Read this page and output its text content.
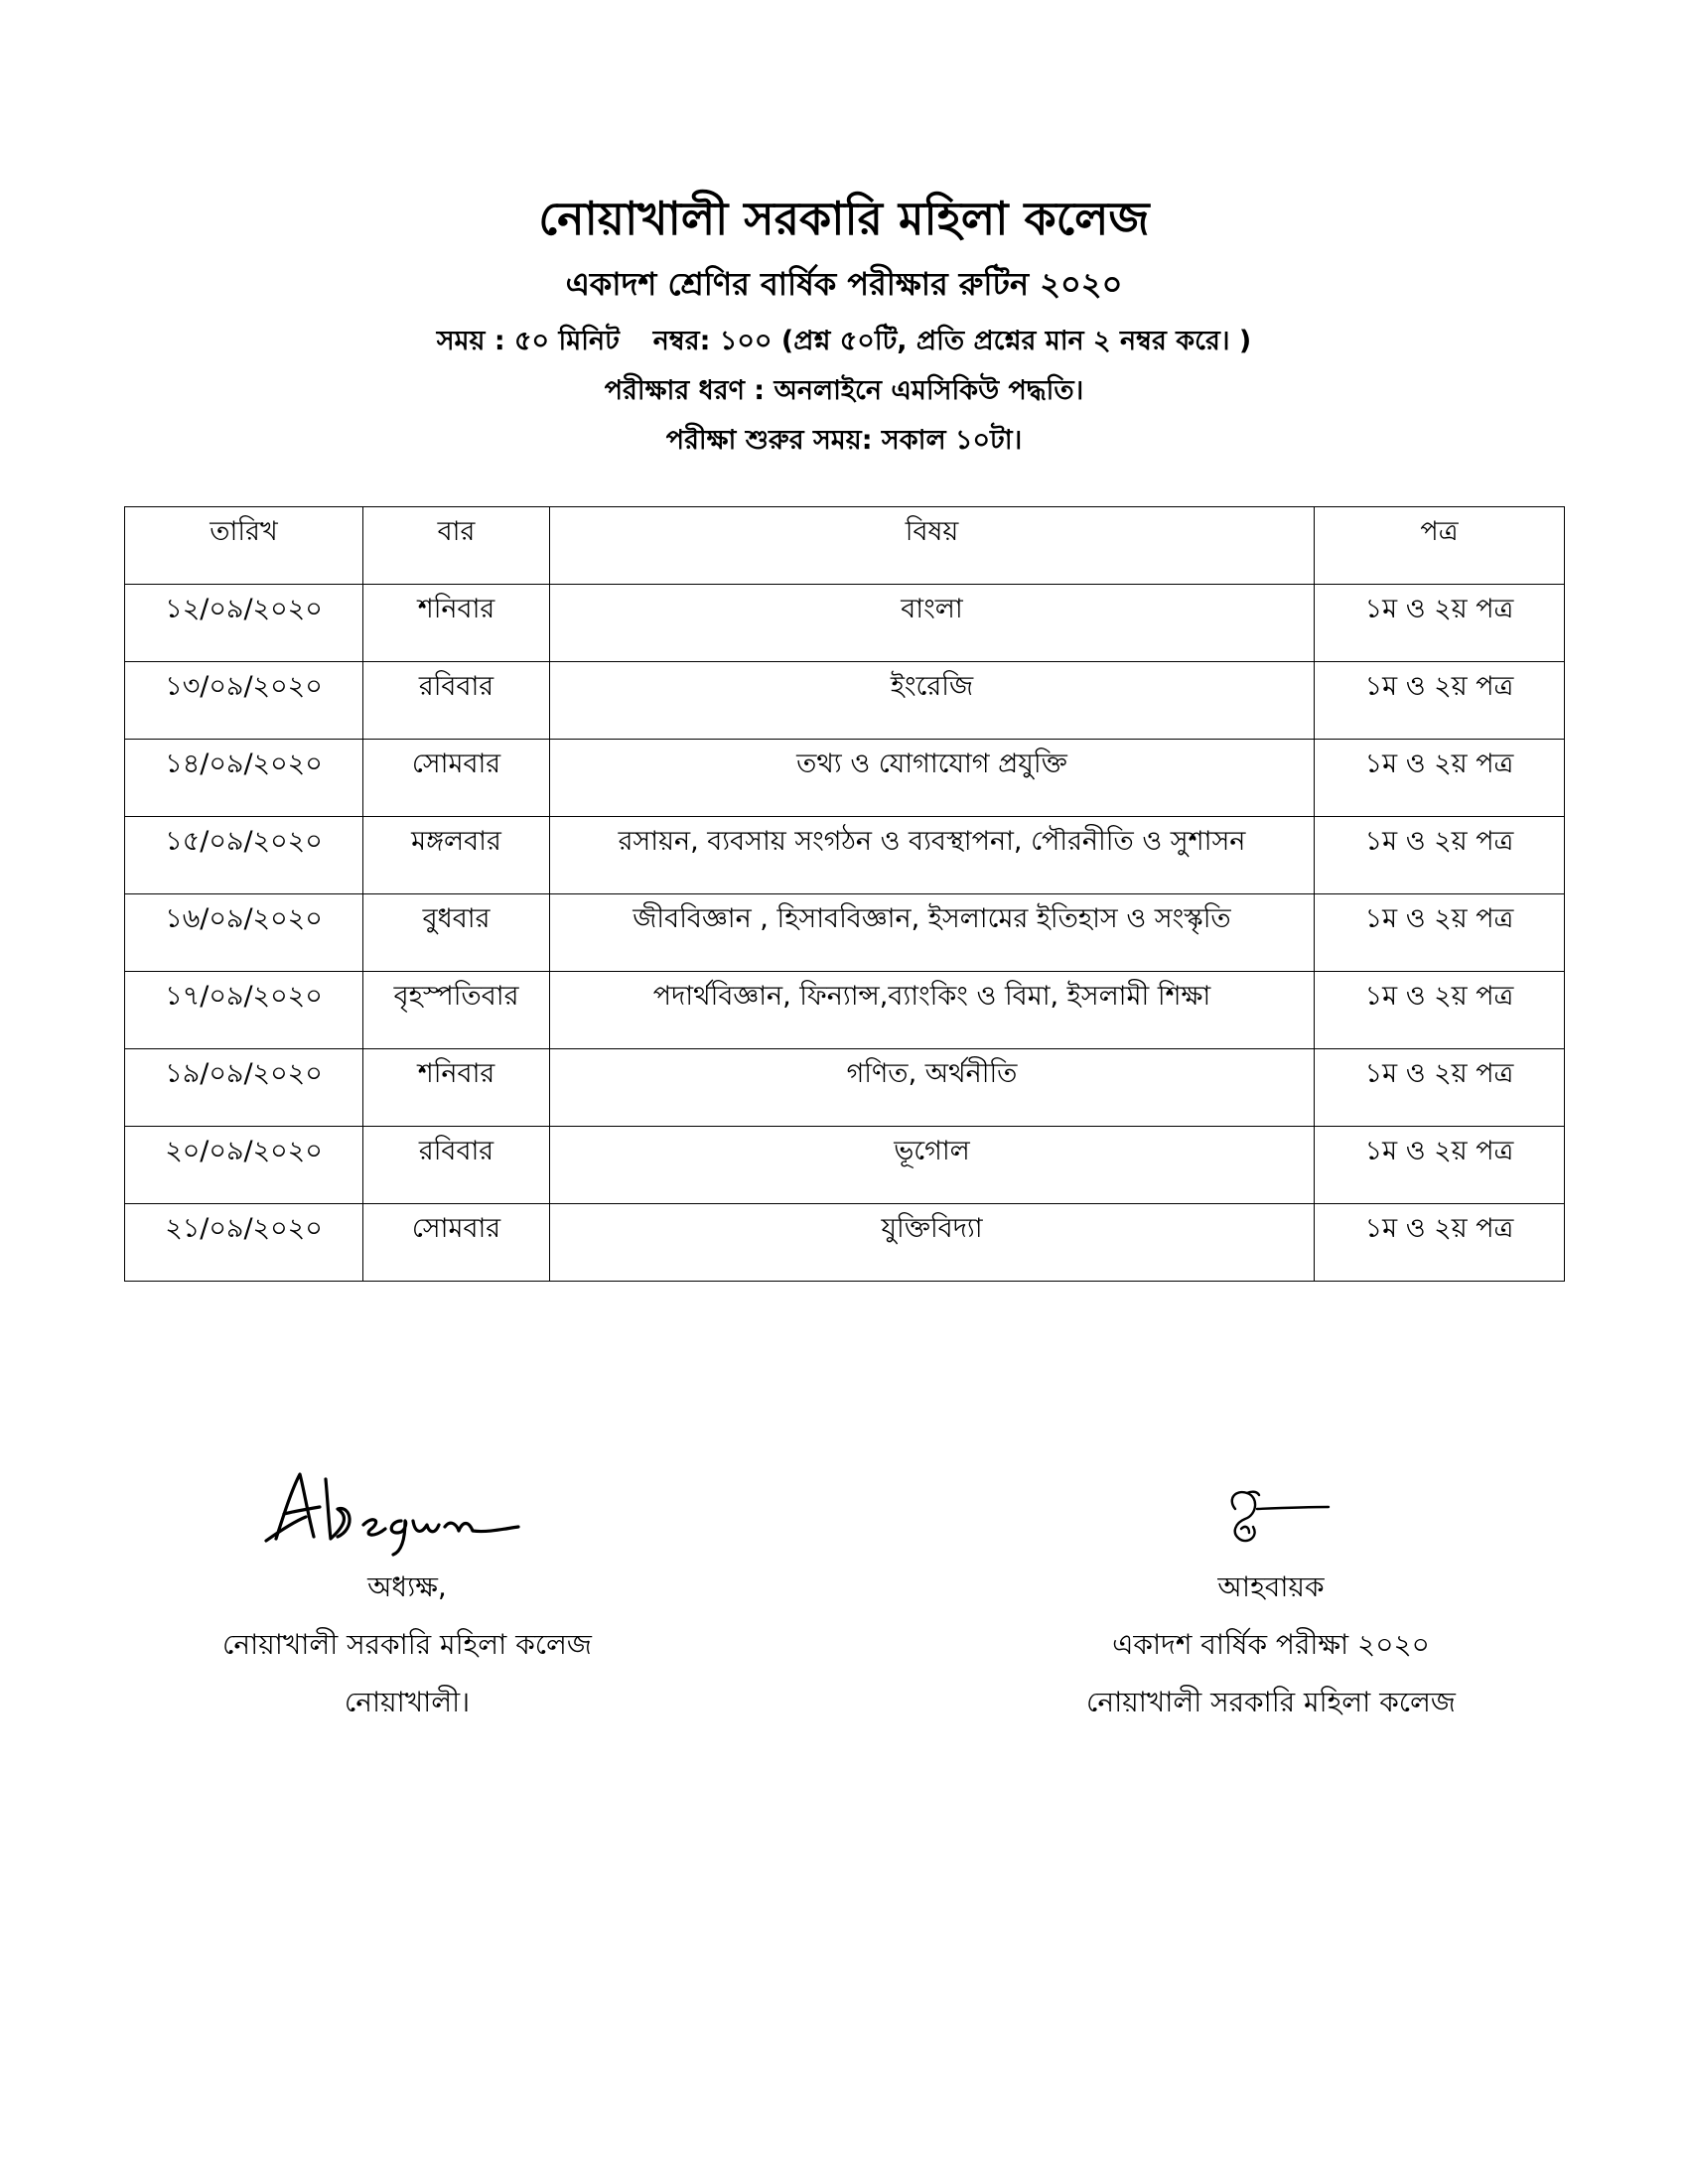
নোয়াখালী সরকারি মহিলা কলেজ
একাদশ শ্রেণির বার্ষিক পরীক্ষার রুটিন ২০২০
সময় : ৫০ মিনিট নম্বর: ১০০ (প্রশ্ন ৫০টি, প্রতি প্রশ্নের মান ২ নম্বর করে। )
পরীক্ষার ধরণ : অনলাইনে এমসিকিউ পদ্ধতি।
পরীক্ষা শুরুর সময়: সকাল ১০টা।
তারিখ	বার	বিষয়	পত্র
১২/০৯/২০২০	শনিবার	বাংলা	১ম ও ২য় পত্র
১৩/০৯/২০২০	রবিবার	ইংরেজি	১ম ও ২য় পত্র
১৪/০৯/২০২০	সোমবার	তথ্য ও যোগাযোগ প্রযুক্তি	১ম ও ২য় পত্র
১৫/০৯/২০২০	মঙ্গলবার	রসায়ন, ব্যবসায় সংগঠন ও ব্যবস্থাপনা, পৌরনীতি ও সুশাসন	১ম ও ২য় পত্র
১৬/০৯/২০২০	বুধবার	জীববিজ্ঞান , হিসাববিজ্ঞান, ইসলামের ইতিহাস ও সংস্কৃতি	১ম ও ২য় পত্র
১৭/০৯/২০২০	বৃহস্পতিবার	পদার্থবিজ্ঞান, ফিন্যান্স,ব্যাংকিং ও বিমা, ইসলামী শিক্ষা	১ম ও ২য় পত্র
১৯/০৯/২০২০	শনিবার	গণিত, অর্থনীতি	১ম ও ২য় পত্র
২০/০৯/২০২০	রবিবার	ভূগোল	১ম ও ২য় পত্র
২১/০৯/২০২০	সোমবার	যুক্তিবিদ্যা	১ম ও ২য় পত্র
অধ্যক্ষ,
নোয়াখালী সরকারি মহিলা কলেজ
নোয়াখালী।
আহবায়ক
একাদশ বার্ষিক পরীক্ষা ২০২০
নোয়াখালী সরকারি মহিলা কলেজ
